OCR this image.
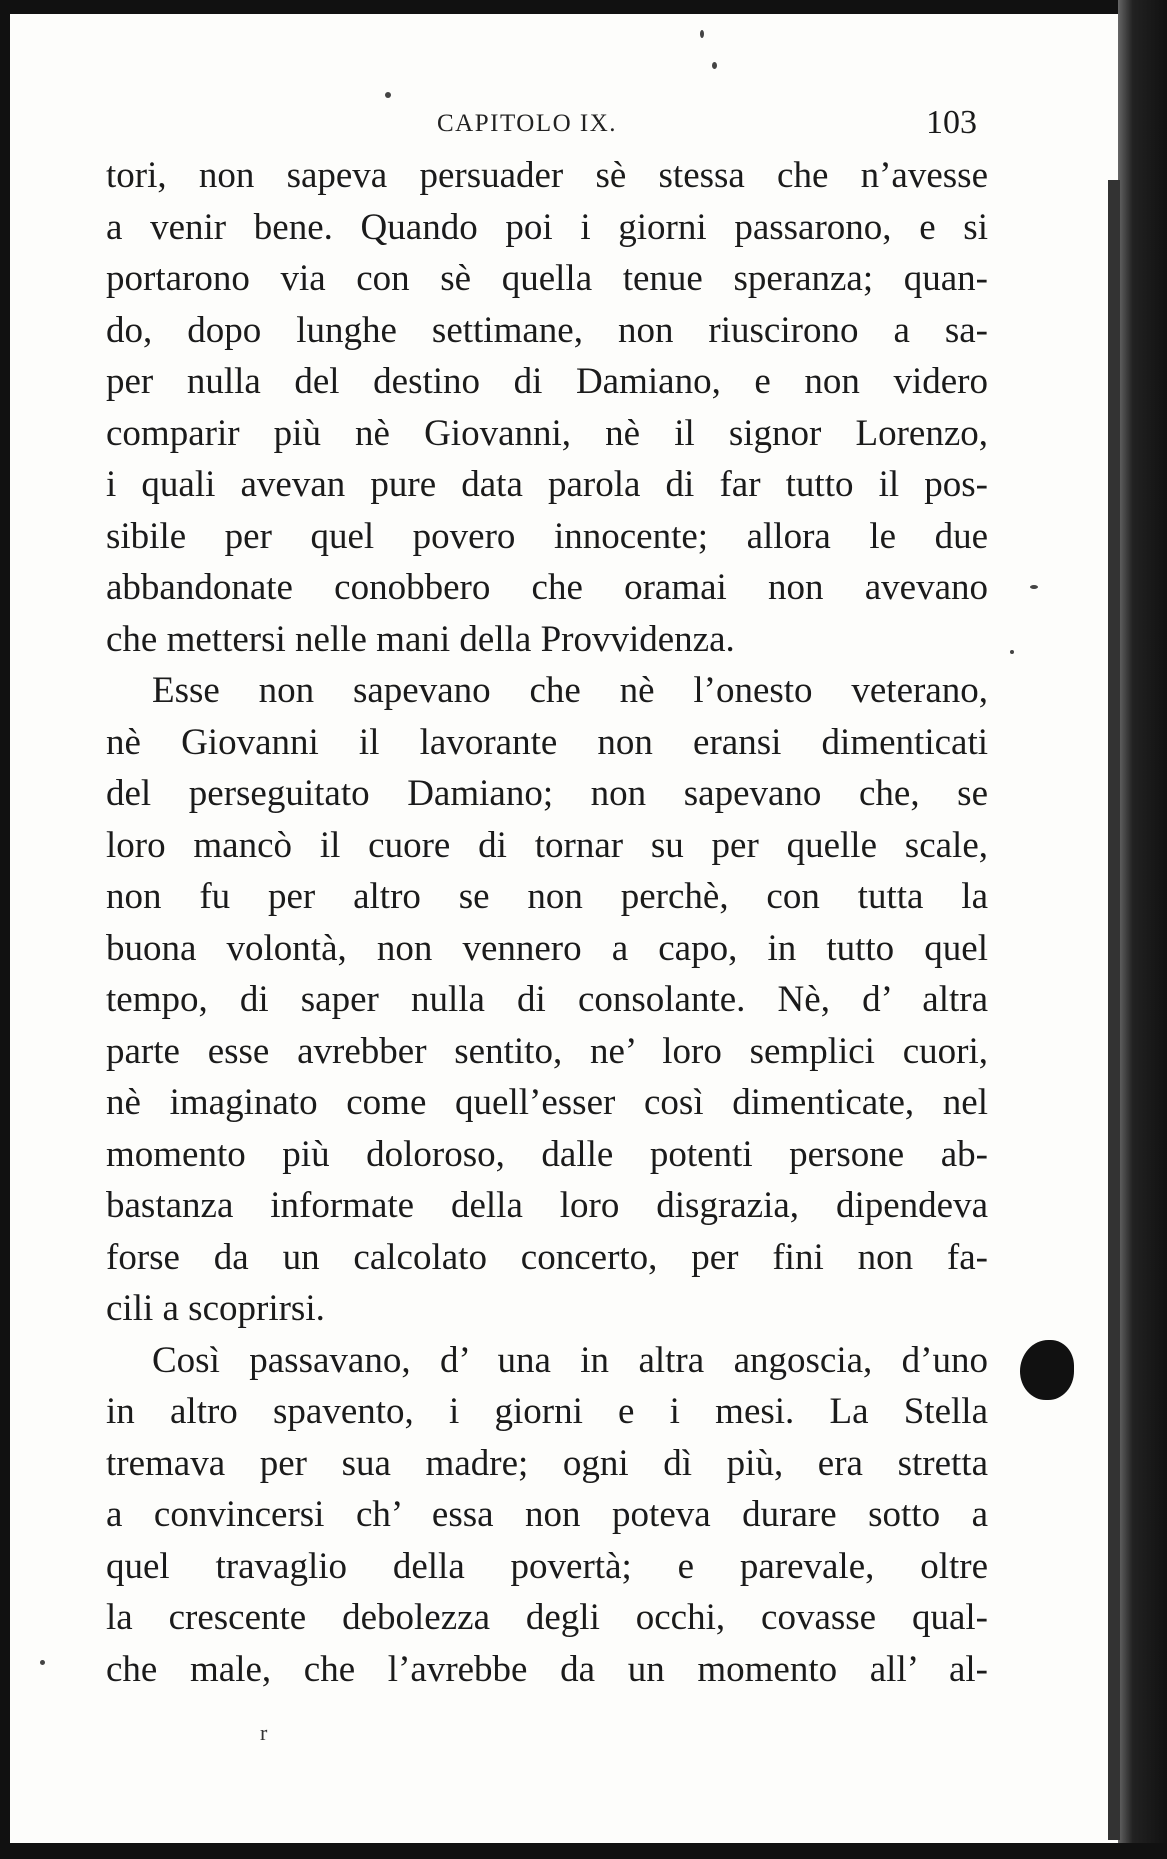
CAPITOLO IX.	103
tori, non sapeva persuader sè stessa che n’avesse
a venir bene. Quando poi i giorni passarono, e si
portarono via con sè quella tenue speranza; quan-
do, dopo lunghe settimane, non riuscirono a sa-
per nulla del destino di Damiano, e non videro
comparir più nè Giovanni, nè il signor Lorenzo,
i quali avevan pure data parola di far tutto il pos-
sibile per quel povero innocente; allora le due
abbandonate conobbero che oramai non avevano
che mettersi nelle mani della Provvidenza.
Esse non sapevano che nè l’onesto veterano,
nè Giovanni il lavorante non eransi dimenticati
del perseguitato Damiano; non sapevano che, se
loro mancò il cuore di tornar su per quelle scale,
non fu per altro se non perchè, con tutta la
buona volontà, non vennero a capo, in tutto quel
tempo, di saper nulla di consolante. Nè, d’ altra
parte esse avrebber sentito, ne’ loro semplici cuori,
nè imaginato come quell’esser così dimenticate, nel
momento più doloroso, dalle potenti persone ab-
bastanza informate della loro disgrazia, dipendeva
forse da un calcolato concerto, per fini non fa-
cili a scoprirsi.
Così passavano, d’ una in altra angoscia, d’uno
in altro spavento, i giorni e i mesi. La Stella
tremava per sua madre; ogni dì più, era stretta
a convincersi ch’ essa non poteva durare sotto a
quel travaglio della povertà; e parevale, oltre
la crescente debolezza degli occhi, covasse qual-
che male, che l’avrebbe da un momento all’ al-
r
